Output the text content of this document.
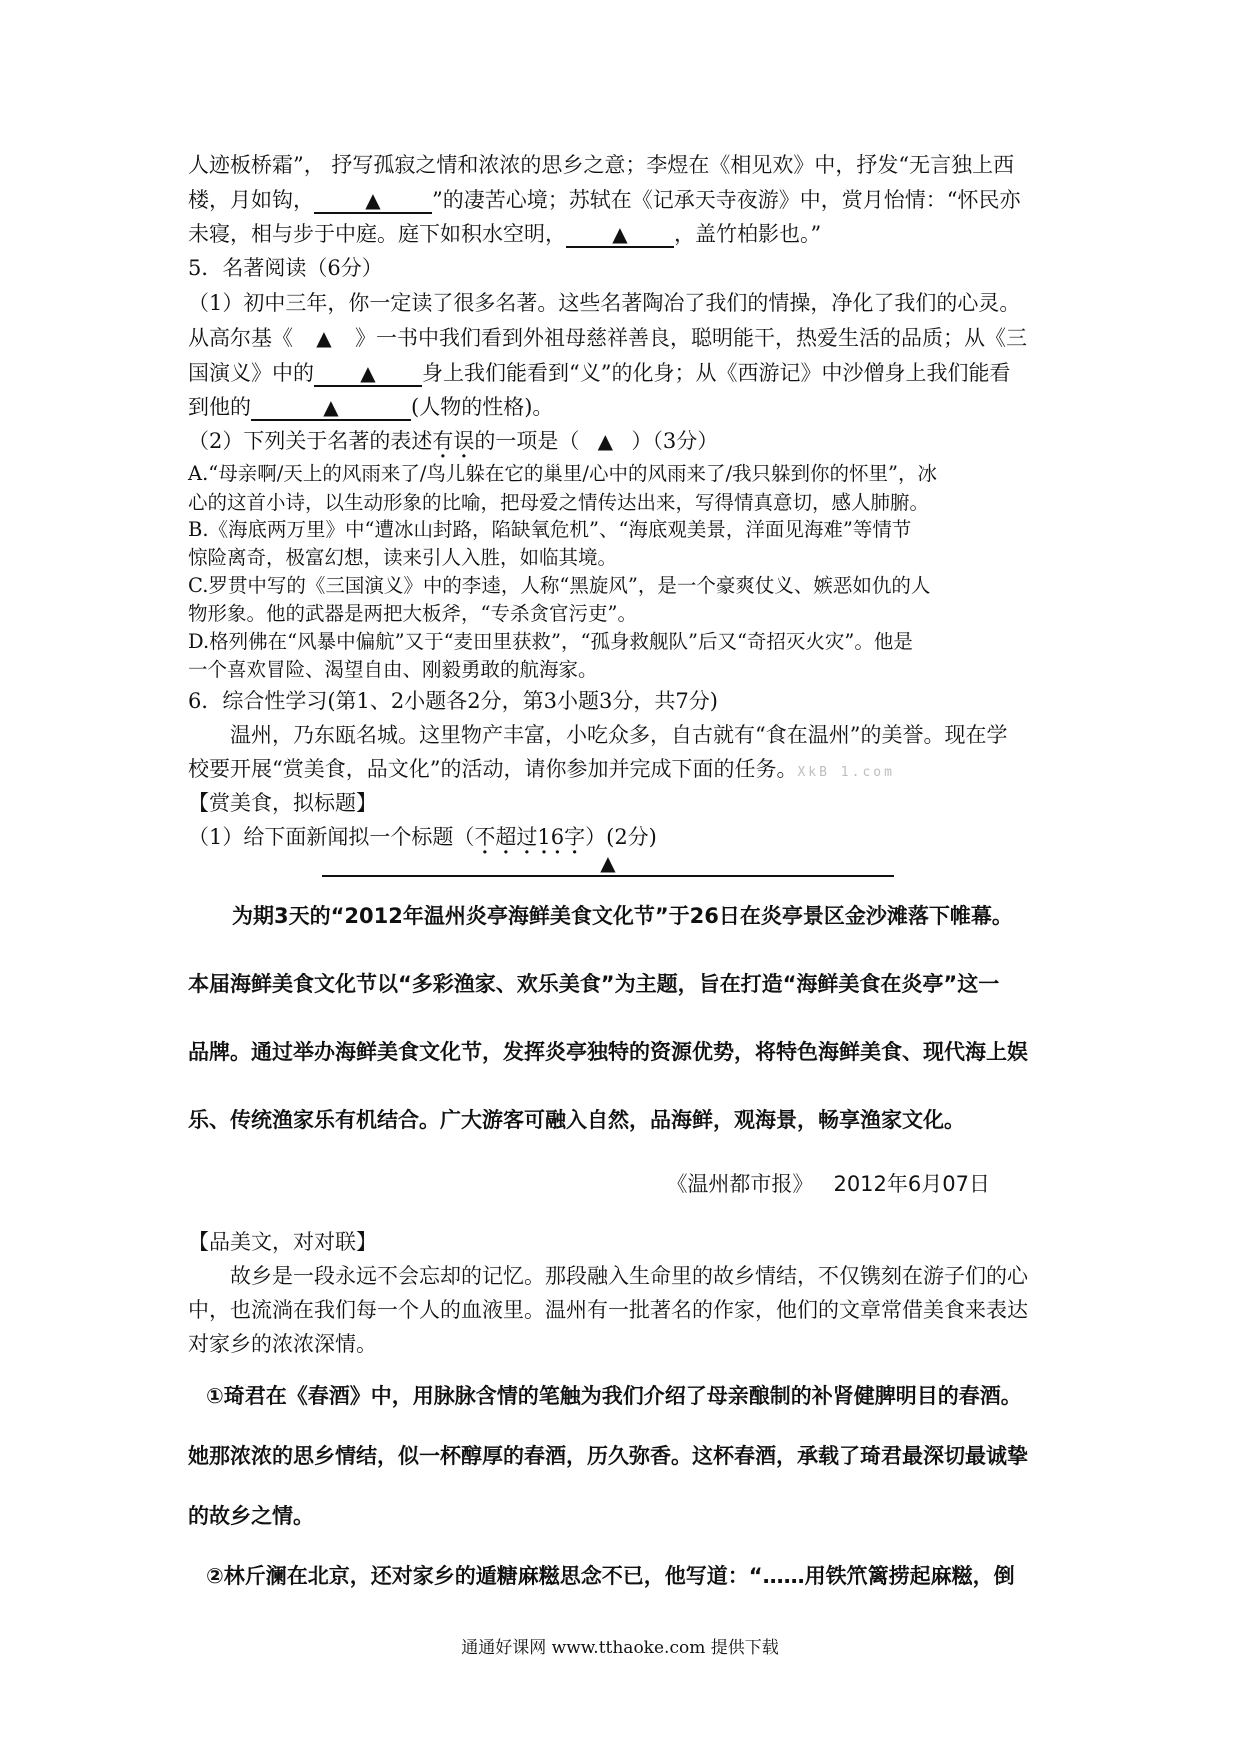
人迹板桥霜”， 抒写孤寂之情和浓浓的思乡之意；李煜在《相见欢》中，抒发“无言独上西
楼，月如钩，	▲ ”的凄苦心境；苏轼在《记承天寺夜游》中，赏月怡情：“怀民亦
未寝，相与步于中庭。庭下如积水空明， ▲ ，盖竹柏影也。”
5．名著阅读（6分）
（1）初中三年，你一定读了很多名著。这些名著陶冶了我们的情操，净化了我们的心灵。
从高尔基《 ▲ 》一书中我们看到外祖母慈祥善良，聪明能干，热爱生活的品质；从《三
国演义》中的 ▲ 身上我们能看到“义”的化身；从《西游记》中沙僧身上我们能看
到他的	▲	(人物的性格)。
（2）下列关于名著的表述有误的一项是（ ▲ ）（3分）
A.“母亲啊/天上的风雨来了/鸟儿躲在它的巢里/心中的风雨来了/我只躲到你的怀里”，冰
心的这首小诗，以生动形象的比喻，把母爱之情传达出来，写得情真意切，感人肺腑。
B.《海底两万里》中“遭冰山封路，陷缺氧危机”、“海底观美景，洋面见海难”等情节
惊险离奇，极富幻想，读来引人入胜，如临其境。
C.罗贯中写的《三国演义》中的李逵，人称“黑旋风”，是一个豪爽仗义、嫉恶如仇的人
物形象。他的武器是两把大板斧，“专杀贪官污吏”。
D.格列佛在“风暴中偏航”又于“麦田里获救”，“孤身救舰队”后又“奇招灭火灾”。他是
一个喜欢冒险、渴望自由、刚毅勇敢的航海家。
6．综合性学习(第1、2小题各2分，第3小题3分，共7分)
温州，乃东瓯名城。这里物产丰富，小吃众多，自古就有“食在温州”的美誉。现在学
校要开展“赏美食，品文化”的活动，请你参加并完成下面的任务。XkB 1.com
【赏美食，拟标题】
（1）给下面新闻拟一个标题（不超过1 ·6 ·字）(2分)
▲
为期3天的“2012年温州炎亭海鲜美食文化节”于26日在炎亭景区金沙滩落下帷幕。
本届海鲜美食文化节以“多彩渔家、欢乐美食”为主题，旨在打造“海鲜美食在炎亭”这一
品牌。通过举办海鲜美食文化节，发挥炎亭独特的资源优势，将特色海鲜美食、现代海上娱
乐、传统渔家乐有机结合。广大游客可融入自然，品海鲜，观海景，畅享渔家文化。
《温州都市报》   2012年6月07日
【品美文，对对联】
故乡是一段永远不会忘却的记忆。那段融入生命里的故乡情结，不仅镌刻在游子们的心
中，也流淌在我们每一个人的血液里。温州有一批著名的作家，他们的文章常借美食来表达
对家乡的浓浓深情。
①琦君在《春酒》中，用脉脉含情的笔触为我们介绍了母亲酿制的补肾健脾明目的春酒。
她那浓浓的思乡情结，似一杯醇厚的春酒，历久弥香。这杯春酒，承载了琦君最深切最诚挚
的故乡之情。
②林斤澜在北京，还对家乡的遁糖麻糍思念不已，他写道：“……用铁笊篱捞起麻糍，倒
通通好课网 www.tthaoke.com 提供下载
